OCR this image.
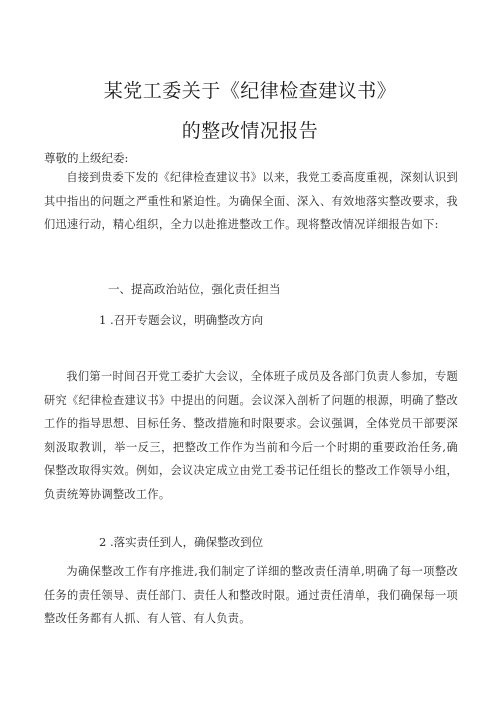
某党工委关于《纪律检查建议书》
的整改情况报告
尊敬的上级纪委:

自接到贵委下发的《纪律检查建议书》以来，我党工委高度重视，深刻认识到其中指出的问题之严重性和紧迫性。为确保全面、深入、有效地落实整改要求，我们迅速行动，精心组织，全力以赴推进整改工作。现将整改情况详细报告如下:

一、提高政治站位，强化责任担当
1 .召开专题会议，明确整改方向

我们第一时间召开党工委扩大会议，全体班子成员及各部门负责人参加，专题研究《纪律检查建议书》中提出的问题。会议深入剖析了问题的根源，明确了整改工作的指导思想、目标任务、整改措施和时限要求。会议强调，全体党员干部要深刻汲取教训，举一反三，把整改工作作为当前和今后一个时期的重要政治任务,确保整改取得实效。例如，会议决定成立由党工委书记任组长的整改工作领导小组，负责统筹协调整改工作。

2 .落实责任到人，确保整改到位

为确保整改工作有序推进,我们制定了详细的整改责任清单,明确了每一项整改任务的责任领导、责任部门、责任人和整改时限。通过责任清单，我们确保每一项整改任务都有人抓、有人管、有人负责。
